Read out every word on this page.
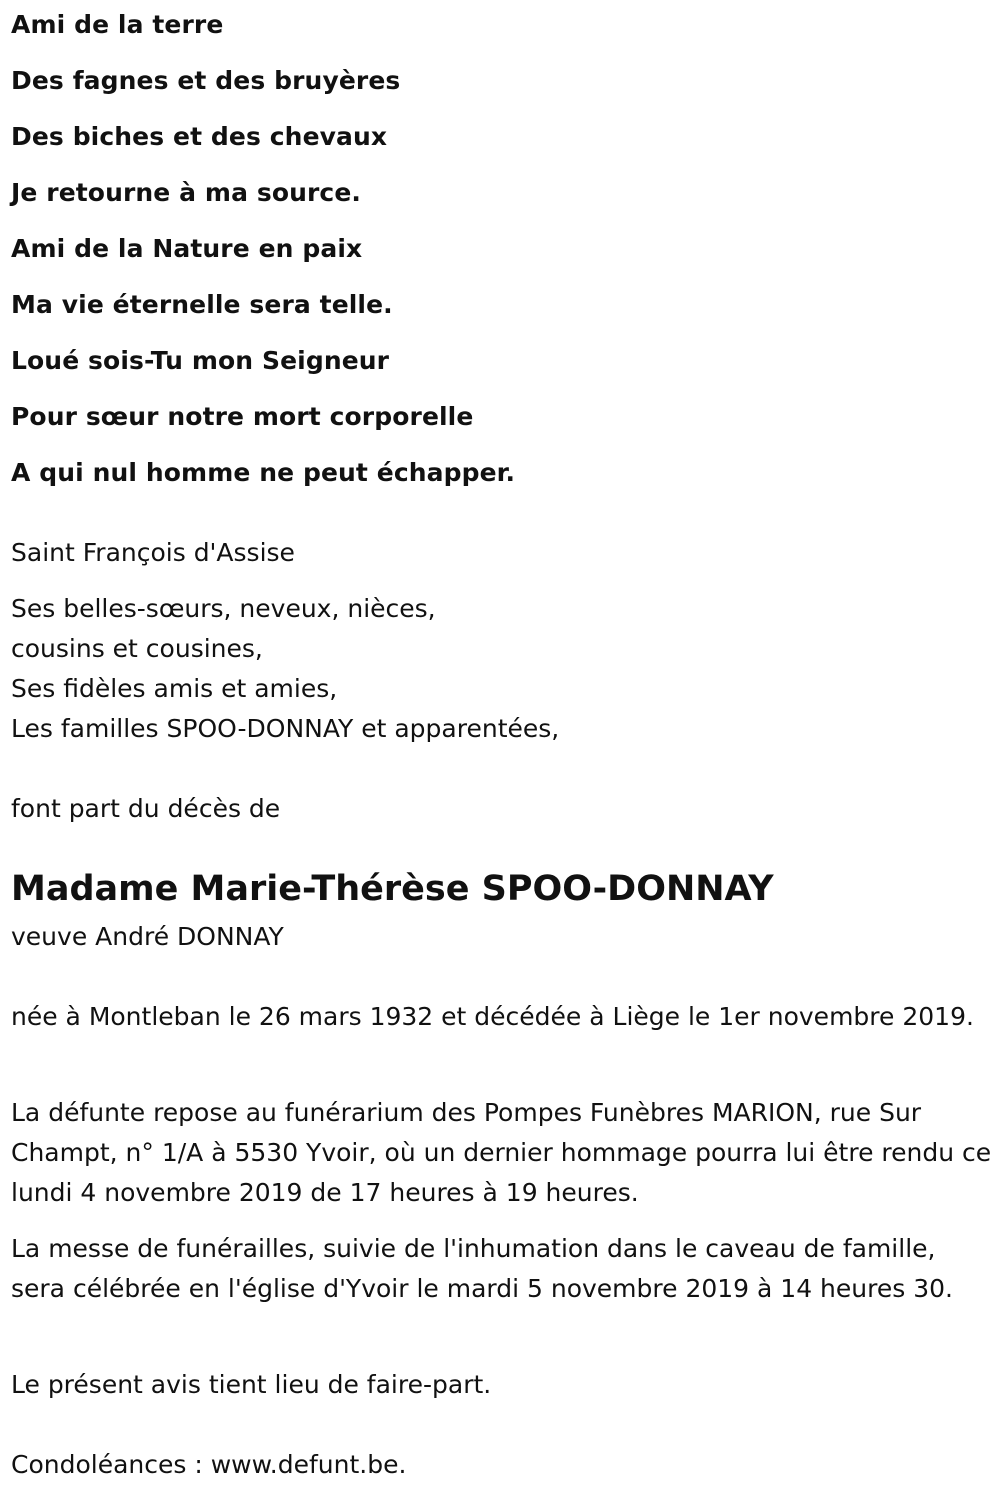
Ami de la terre
Des fagnes et des bruyères
Des biches et des chevaux
Je retourne à ma source.
Ami de la Nature en paix
Ma vie éternelle sera telle.
Loué sois-Tu mon Seigneur
Pour sœur notre mort corporelle
A qui nul homme ne peut échapper.
Saint François d'Assise
Ses belles-sœurs, neveux, nièces,
cousins et cousines,
Ses fidèles amis et amies,
Les familles SPOO-DONNAY et apparentées,
font part du décès de
Madame Marie-Thérèse SPOO-DONNAY
veuve André DONNAY
née à Montleban le 26 mars 1932 et décédée à Liège le 1er novembre 2019.
La défunte repose au funérarium des Pompes Funèbres MARION, rue Sur Champt, n° 1/A à 5530 Yvoir, où un dernier hommage pourra lui être rendu ce lundi 4 novembre 2019 de 17 heures à 19 heures.
La messe de funérailles, suivie de l'inhumation dans le caveau de famille, sera célébrée en l'église d'Yvoir le mardi 5 novembre 2019 à 14 heures 30.
Le présent avis tient lieu de faire-part.
Condoléances : www.defunt.be.
